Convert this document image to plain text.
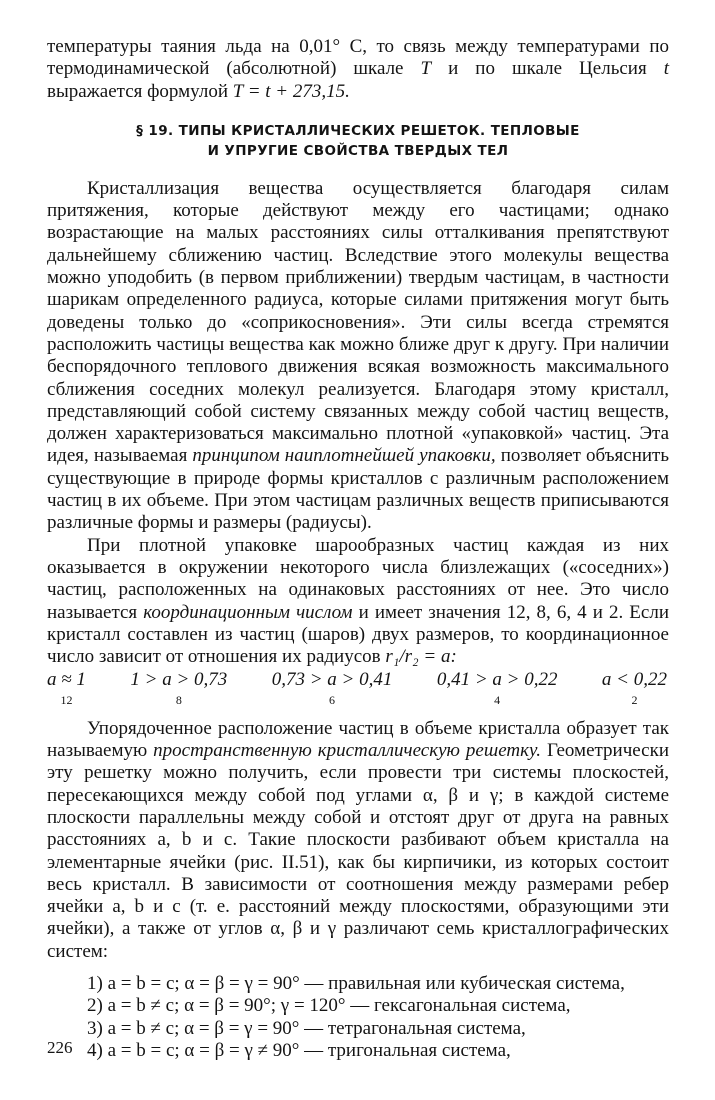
температуры таяния льда на 0,01° С, то связь между температурами по термодинамической (абсолютной) шкале T и по шкале Цельсия t выражается формулой T = t + 273,15.

§ 19. ТИПЫ КРИСТАЛЛИЧЕСКИХ РЕШЕТОК. ТЕПЛОВЫЕ
И УПРУГИЕ СВОЙСТВА ТВЕРДЫХ ТЕЛ

Кристаллизация вещества осуществляется благодаря силам притяжения, которые действуют между его частицами; однако возрастающие на малых расстояниях силы отталкивания препятствуют дальнейшему сближению частиц. Вследствие этого молекулы вещества можно уподобить (в первом приближении) твердым частицам, в частности шарикам определенного радиуса, которые силами притяжения могут быть доведены только до «соприкосновения». Эти силы всегда стремятся расположить частицы вещества как можно ближе друг к другу. При наличии беспорядочного теплового движения всякая возможность максимального сближения соседних молекул реализуется. Благодаря этому кристалл, представляющий собой систему связанных между собой частиц веществ, должен характеризоваться максимально плотной «упаковкой» частиц. Эта идея, называемая принципом наиплотнейшей упаковки, позволяет объяснить существующие в природе формы кристаллов с различным расположением частиц в их объеме. При этом частицам различных веществ приписываются различные формы и размеры (радиусы).

При плотной упаковке шарообразных частиц каждая из них оказывается в окружении некоторого числа близлежащих («соседних») частиц, расположенных на одинаковых расстояниях от нее. Это число называется координационным числом и имеет значения 12, 8, 6, 4 и 2. Если кристалл составлен из частиц (шаров) двух размеров, то координационное число зависит от отношения их радиусов r₁/r₂ = a:

a ≈ 1
12
1 > a > 0,73
8
0,73 > a > 0,41
6
0,41 > a > 0,22
4
a < 0,22
2

Упорядоченное расположение частиц в объеме кристалла образует так называемую пространственную кристаллическую решетку. Геометрически эту решетку можно получить, если провести три системы плоскостей, пересекающихся между собой под углами α, β и γ; в каждой системе плоскости параллельны между собой и отстоят друг от друга на равных расстояниях a, b и c. Такие плоскости разбивают объем кристалла на элементарные ячейки (рис. II.51), как бы кирпичики, из которых состоит весь кристалл. В зависимости от соотношения между размерами ребер ячейки a, b и c (т. е. расстояний между плоскостями, образующими эти ячейки), а также от углов α, β и γ различают семь кристаллографических систем:

1) a = b = c; α = β = γ = 90° — правильная или кубическая система,

2) a = b ≠ c; α = β = 90°; γ = 120° — гексагональная система,

3) a = b ≠ c; α = β = γ = 90° — тетрагональная система,

4) a = b = c; α = β = γ ≠ 90° — тригональная система,

226
